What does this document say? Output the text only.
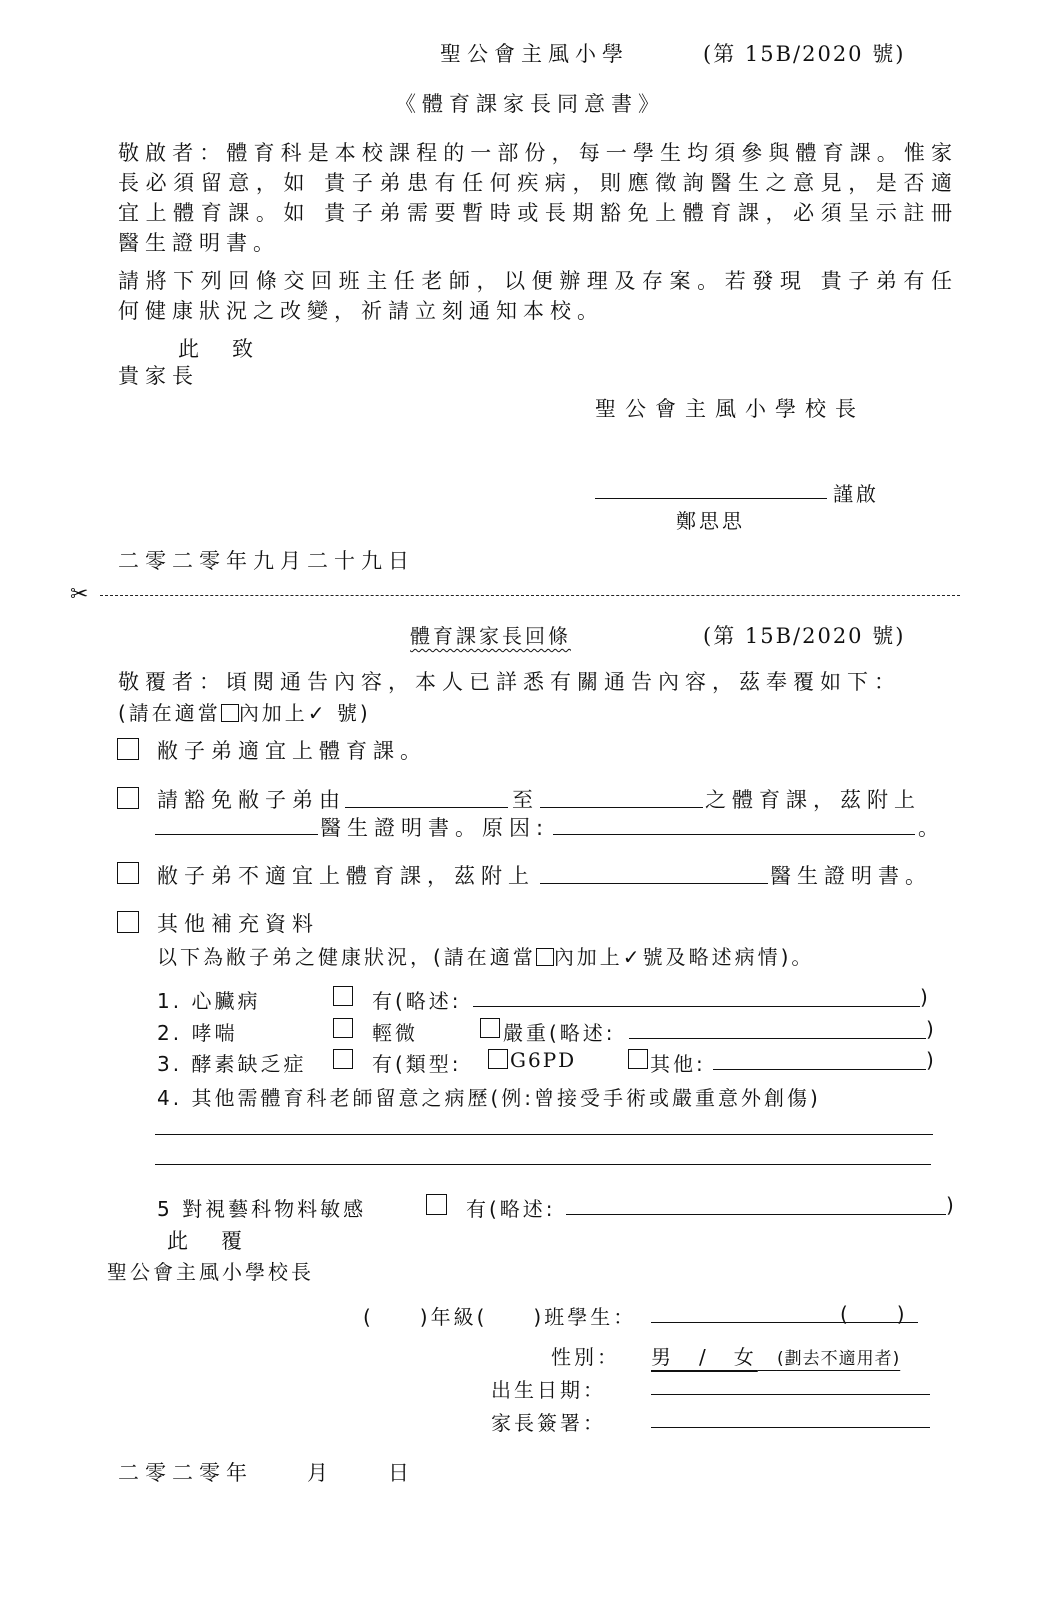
聖公會主風小學	(第 15B/2020 號)
《體育課家長同意書》
敬啟者：體育科是本校課程的一部份，每一學生均須參與體育課。惟家長必須留意，如 貴子弟患有任何疾病，則應徵詢醫生之意見，是否適宜上體育課。如 貴子弟需要暫時或長期豁免上體育課，必須呈示註冊醫生證明書。
請將下列回條交回班主任老師，以便辦理及存案。若發現 貴子弟有任何健康狀況之改變，祈請立刻通知本校。
此　致
貴家長
聖公會主風小學校長
謹啟
鄭思思
二零二零年九月二十九日
✂
體育課家長回條	(第 15B/2020 號)
敬覆者：頃閱通告內容，本人已詳悉有關通告內容，茲奉覆如下：
(請在適當 內加上✓ 號)
敝子弟適宜上體育課。
請豁免敝子弟由	至	之體育課，茲附上
醫生證明書。原因:	。
敝子弟不適宜上體育課，茲附上	醫生證明書。
其他補充資料
以下為敝子弟之健康狀況，(請在適當 內加上✓號及略述病情)。
1. 心臟病	有(略述:	)
2. 哮喘	輕微	嚴重(略述:	)
3. 酵素缺乏症	有(類型: G6PD	其他:	)
4. 其他需體育科老師留意之病歷(例:曾接受手術或嚴重意外創傷)
5 對視藝科物料敏感	有(略述:	)
此　覆
聖公會主風小學校長
(　　)年級(　　)班學生：	(　　)
性別： 男　/　女 (劃去不適用者)
出生日期：
家長簽署：
二零二零年　　月　　日
